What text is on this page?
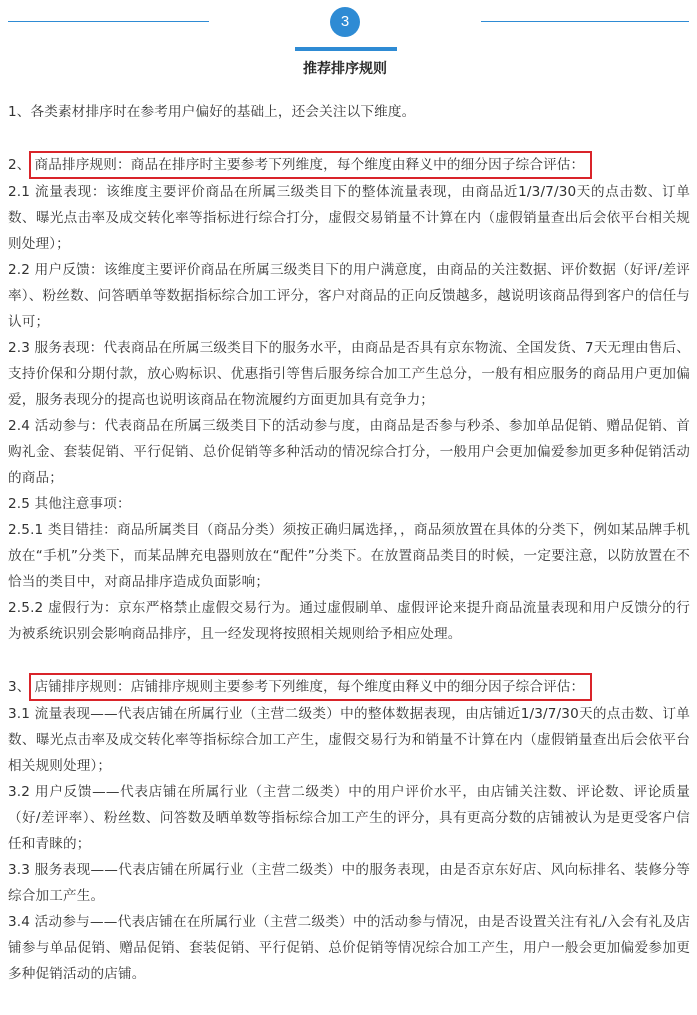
3
推荐排序规则

1、各类素材排序时在参考用户偏好的基础上，还会关注以下维度。

2、 商品排序规则：商品在排序时主要参考下列维度，每个维度由释义中的细分因子综合评估：

2.1 流量表现：该维度主要评价商品在所属三级类目下的整体流量表现，由商品近1/3/7/30天的点击数、订单数、曝光点击率及成交转化率等指标进行综合打分，虚假交易销量不计算在内（虚假销量查出后会依平台相关规则处理）；

2.2 用户反馈：该维度主要评价商品在所属三级类目下的用户满意度，由商品的关注数据、评价数据（好评/差评率）、粉丝数、问答晒单等数据指标综合加工评分，客户对商品的正向反馈越多，越说明该商品得到客户的信任与认可；

2.3 服务表现：代表商品在所属三级类目下的服务水平，由商品是否具有京东物流、全国发货、7天无理由售后、支持价保和分期付款，放心购标识、优惠指引等售后服务综合加工产生总分，一般有相应服务的商品用户更加偏爱，服务表现分的提高也说明该商品在物流履约方面更加具有竞争力；

2.4 活动参与：代表商品在所属三级类目下的活动参与度，由商品是否参与秒杀、参加单品促销、赠品促销、首购礼金、套装促销、平行促销、总价促销等多种活动的情况综合打分，一般用户会更加偏爱参加更多种促销活动的商品；

2.5 其他注意事项：

2.5.1 类目错挂：商品所属类目（商品分类）须按正确归属选择，，商品须放置在具体的分类下，例如某品牌手机放在“手机”分类下，而某品牌充电器则放在“配件”分类下。在放置商品类目的时候，一定要注意，以防放置在不恰当的类目中，对商品排序造成负面影响；

2.5.2 虚假行为：京东严格禁止虚假交易行为。通过虚假刷单、虚假评论来提升商品流量表现和用户反馈分的行为被系统识别会影响商品排序，且一经发现将按照相关规则给予相应处理。

3、 店铺排序规则：店铺排序规则主要参考下列维度，每个维度由释义中的细分因子综合评估：

3.1 流量表现——代表店铺在所属行业（主营二级类）中的整体数据表现，由店铺近1/3/7/30天的点击数、订单数、曝光点击率及成交转化率等指标综合加工产生，虚假交易行为和销量不计算在内（虚假销量查出后会依平台相关规则处理）；

3.2 用户反馈——代表店铺在所属行业（主营二级类）中的用户评价水平，由店铺关注数、评论数、评论质量（好/差评率）、粉丝数、问答数及晒单数等指标综合加工产生的评分，具有更高分数的店铺被认为是更受客户信任和青睐的；

3.3 服务表现——代表店铺在所属行业（主营二级类）中的服务表现，由是否京东好店、风向标排名、装修分等综合加工产生。

3.4 活动参与——代表店铺在在所属行业（主营二级类）中的活动参与情况，由是否设置关注有礼/入会有礼及店铺参与单品促销、赠品促销、套装促销、平行促销、总价促销等情况综合加工产生，用户一般会更加偏爱参加更多种促销活动的店铺。
